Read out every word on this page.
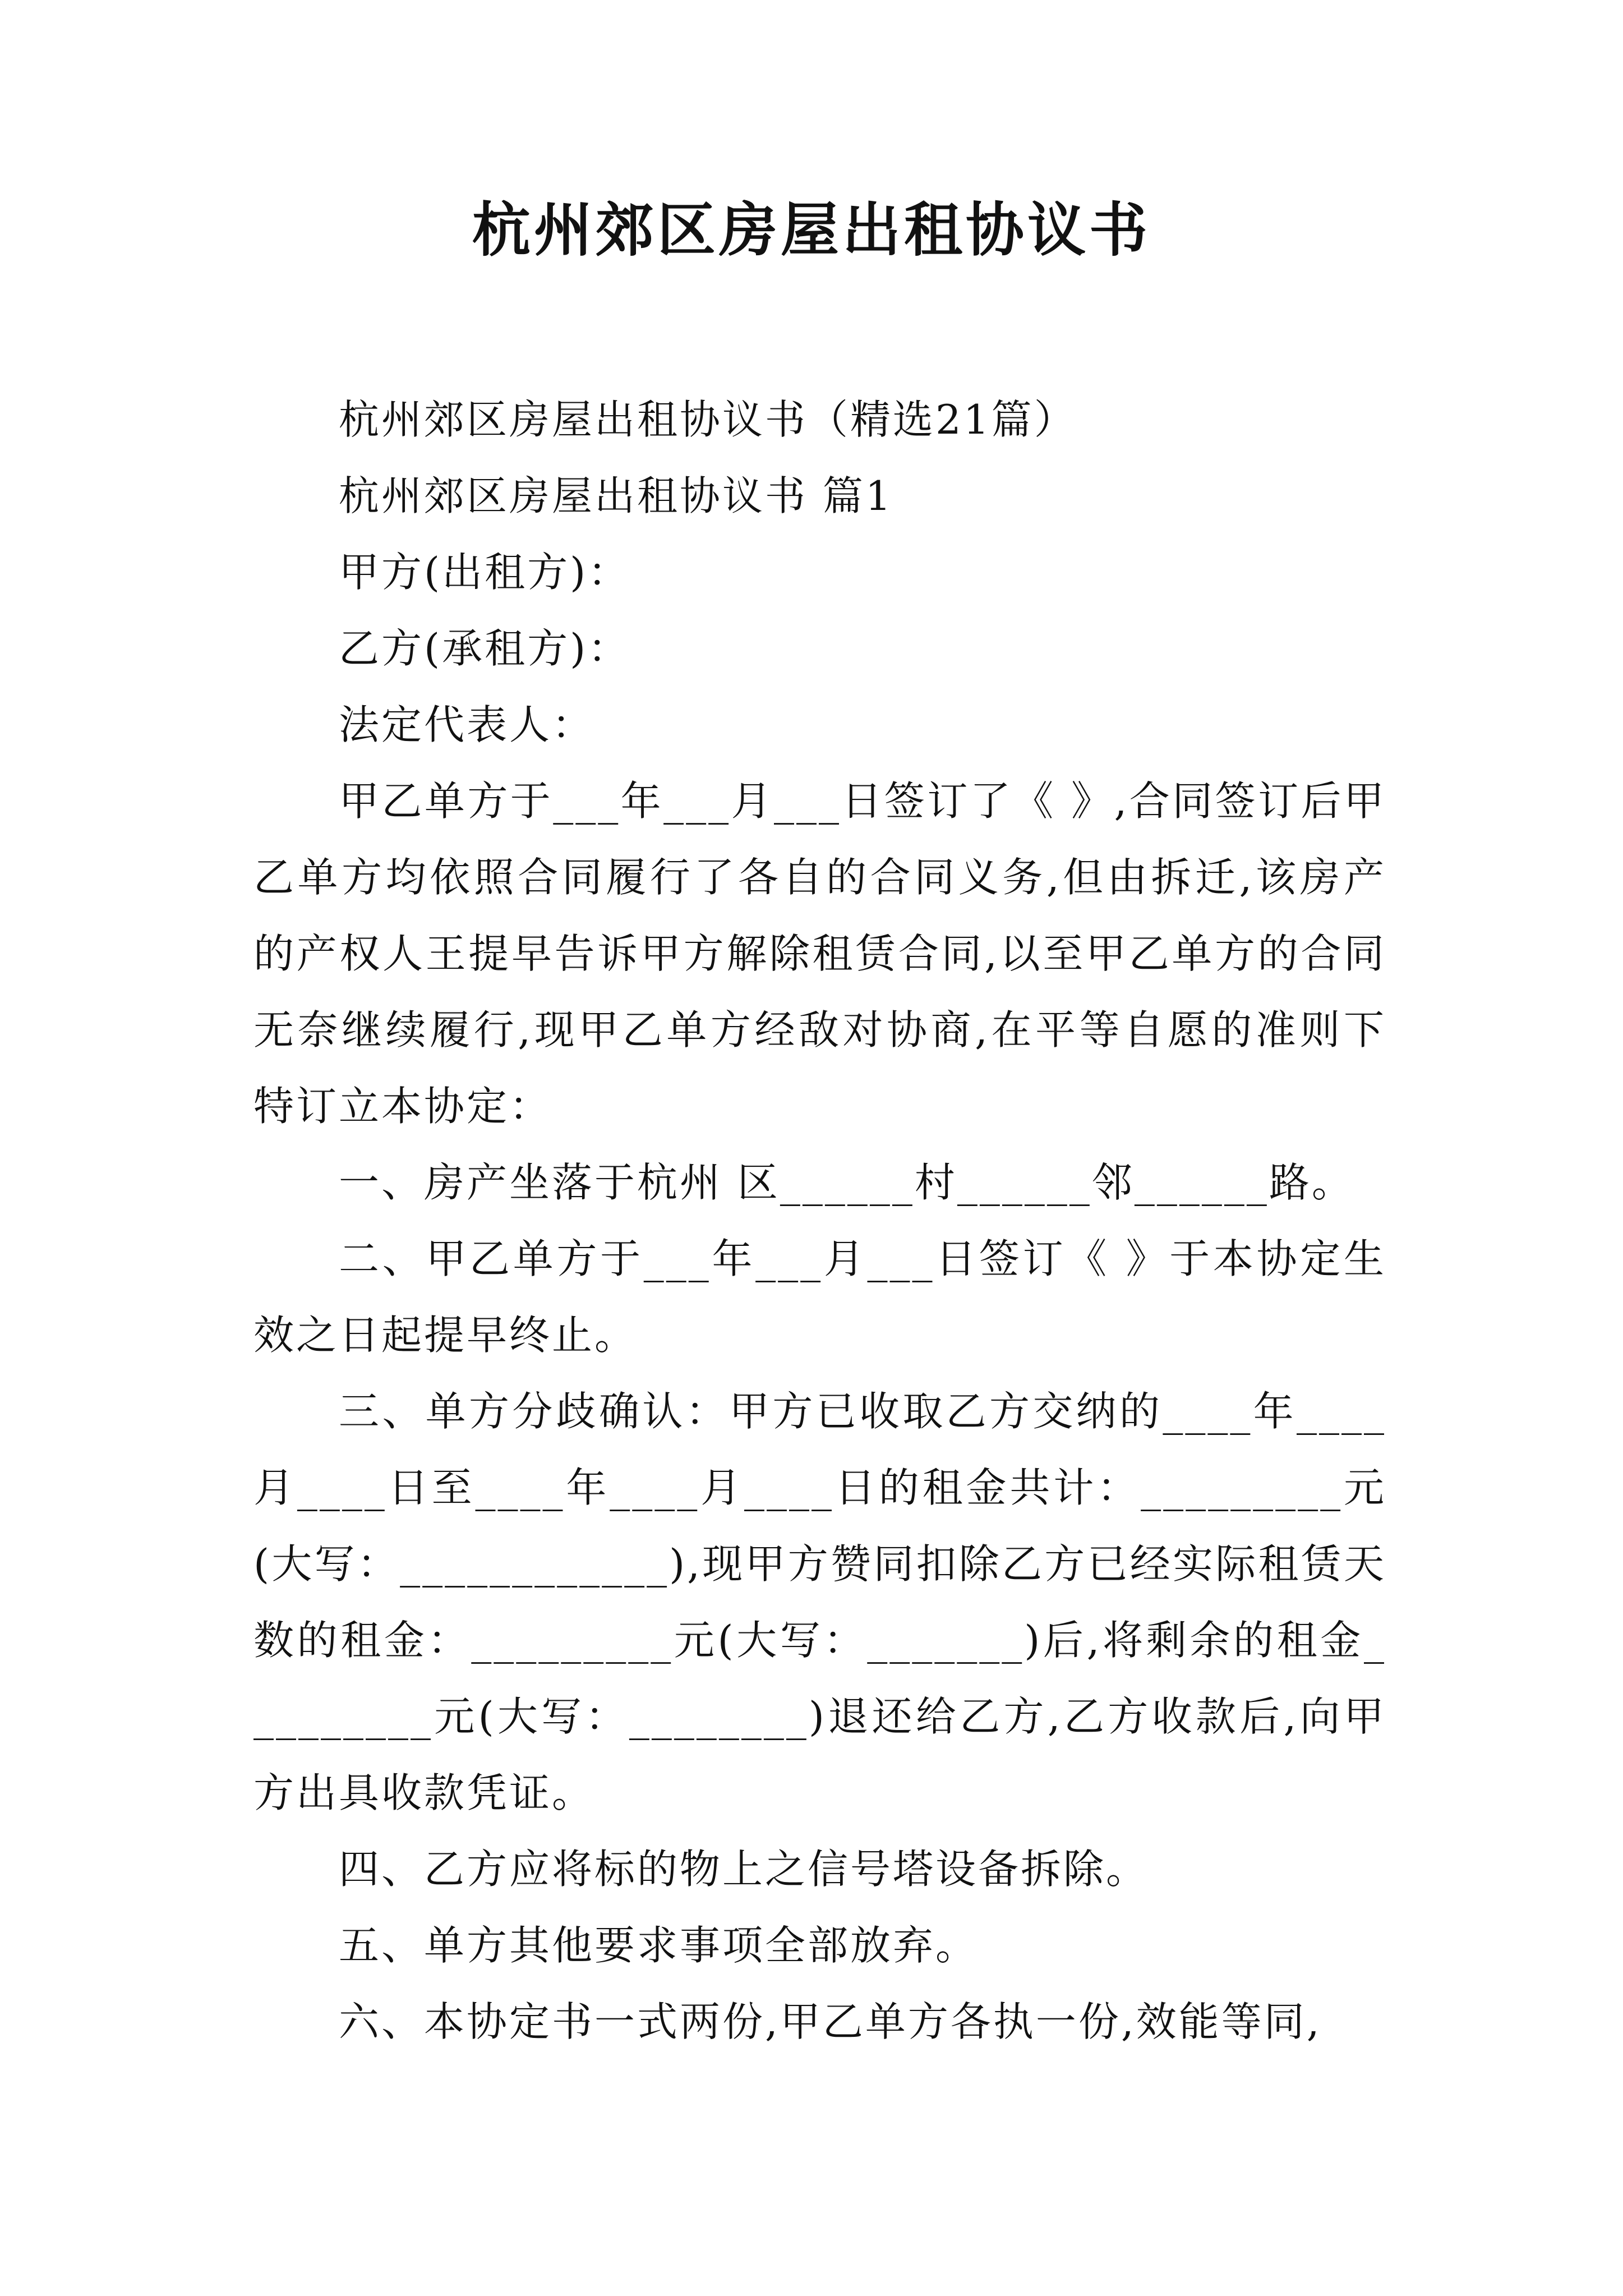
杭州郊区房屋出租协议书

杭州郊区房屋出租协议书（精选21篇）

杭州郊区房屋出租协议书 篇1

甲方(出租方)：

乙方(承租方)：

法定代表人：

甲乙单方于___年___月___日签订了《 》,合同签订后甲乙单方均依照合同履行了各自的合同义务,但由拆迁,该房产的产权人王提早告诉甲方解除租赁合同,以至甲乙单方的合同无奈继续履行,现甲乙单方经敌对协商,在平等自愿的准则下特订立本协定：

一、房产坐落于杭州 区______村______邻______路。

二、甲乙单方于___年___月___日签订《 》于本协定生效之日起提早终止。

三、单方分歧确认：甲方已收取乙方交纳的____年____月____日至____年____月____日的租金共计：_________元(大写：____________),现甲方赞同扣除乙方已经实际租赁天数的租金：_________元(大写：_______)后,将剩余的租金_________元(大写：________)退还给乙方,乙方收款后,向甲方出具收款凭证。

四、乙方应将标的物上之信号塔设备拆除。

五、单方其他要求事项全部放弃。

六、本协定书一式两份,甲乙单方各执一份,效能等同,
